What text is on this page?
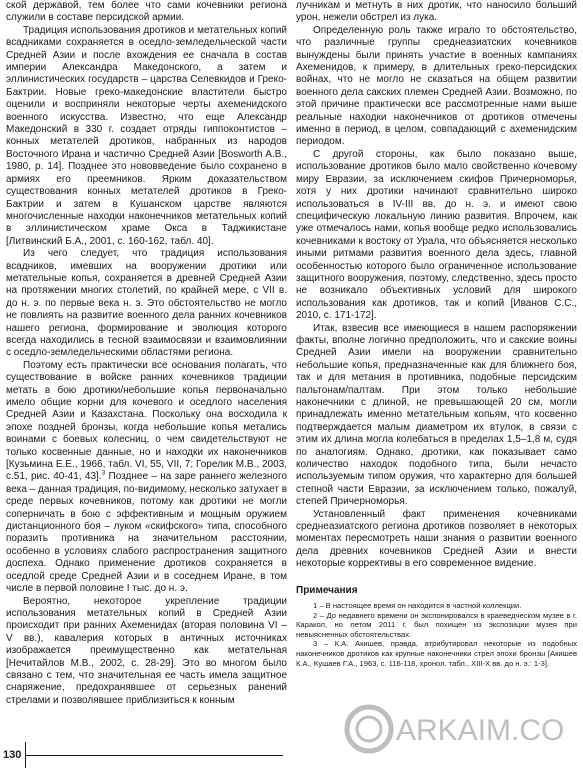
ской державой, тем более что сами кочевники региона служили в составе персидской армии.

Традиция использования дротиков и метательных копий всадниками сохраняется в оседло-земледельческой части Средней Азии и после вхождения ее сначала в состав империи Александра Македонского, а затем и эллинистических государств – царства Селевкидов и Греко-Бактрии. Новые греко-македонские властители быстро оценили и восприняли некоторые черты ахеменидского военного искусства. Известно, что еще Александр Македонский в 330 г. создает отряды гиппоконтистов – конных метателей дротиков, набранных из народов Восточного Ирана и частично Средней Азии [Bosworth A.B., 1980, p. 14]. Позднее это нововведение было сохранено в армиях его преемников. Ярким доказательством существования конных метателей дротиков в Греко-Бактрии и затем в Кушанском царстве являются многочисленные находки наконечников метательных копий в эллинистическом храме Окса в Таджикистане [Литвинский Б.А., 2001, с. 160-162, табл. 40].

Из чего следует, что традиция использования всадников, имевших на вооружении дротики или метательные копья, сохраняется в древней Средней Азии на протяжении многих столетий, по крайней мере, с VII в. до н. э. по первые века н. э. Это обстоятельство не могло не повлиять на развитие военного дела ранних кочевников нашего региона, формирование и эволюция которого всегда находились в тесной взаимосвязи и взаимовлиянии с оседло-земледельческими областями региона.

Поэтому есть практически все основания полагать, что существование в войске ранних кочевников традиции метать в бою дротики/небольшие копья первоначально имело общие корни для кочевого и оседлого населения Средней Азии и Казахстана. Поскольку она восходила к эпохе поздней бронзы, когда небольшие копья метались воинами с боевых колесниц, о чем свидетельствуют не только косвенные данные, но и находки их наконечников [Кузьмина Е.Е., 1966, табл. VI, 55, VII, 7; Горелик М.В., 2003, с.51, рис. 40-41, 43].$^3$ Позднее – на заре раннего железного века – данная традиция, по-видимому, несколько затухает в среде первых кочевников, потому как дротики не могли соперничать в бою с эффективным и мощным оружием дистанционного боя – луком «скифского» типа, способного поразить противника на значительном расстоянии, особенно в условиях слабого распространения защитного доспеха. Однако применение дротиков сохраняется в оседлой среде Средней Азии и в соседнем Иране, в том числе в первой половине I тыс. до н. э.

Вероятно, некоторое укрепление традиции использования метательных копий в Средней Азии происходит при ранних Ахеменидах (вторая половина VI – V вв.), кавалерия которых в античных источниках изображается преимущественно как метательная [Нечитайлов М.В., 2002, с. 28-29]. Это во многом было связано с тем, что значительная ее часть имела защитное снаряжение, предохранявшее от серьезных ранений стрелами и позволявшее приблизиться к конным

лучникам и метнуть в них дротик, что наносило больший урон, нежели обстрел из лука.

Определенную роль также играло то обстоятельство, что различные группы среднеазиатских кочевников вынуждены были принять участие в военных кампаниях Ахеменидов, к примеру, в длительных греко-персидских войнах, что не могло не сказаться на общем развитии военного дела сакских племен Средней Азии. Возможно, по этой причине практически все рассмотренные нами выше реальные находки наконечников от дротиков отмечены именно в период, в целом, совпадающий с ахеменидским периодом.

С другой стороны, как было показано выше, использование дротиков было мало свойственно кочевому миру Евразии, за исключением скифов Причерноморья, хотя у них дротики начинают сравнительно широко использоваться в IV-III вв. до н. э. и имеют свою специфическую локальную линию развития. Впрочем, как уже отмечалось нами, копья вообще редко использовались кочевниками к востоку от Урала, что объясняется несколько иными ритмами развития военного дела здесь, главной особенностью которого было ограниченное использование защитного вооружения, поэтому, следственно, здесь просто не возникало объективных условий для широкого использования как дротиков, так и копий [Иванов С.С., 2010, с. 171-172].

Итак, взвесив все имеющиеся в нашем распоряжении факты, вполне логично предположить, что и сакские воины Средней Азии имели на вооружении сравнительно небольшие копья, предназначенные как для ближнего боя, так и для метания в противника, подобные персидским пальтонам/палтам. При этом только небольшие наконечники с длиной, не превышающей 20 см, могли принадлежать именно метательным копьям, что косвенно подтверждается малым диаметром их втулок, в связи с этим их длина могла колебаться в пределах 1,5–1,8 м, судя по аналогиям. Однако, дротики, как показывает само количество находок подобного типа, были нечасто используемым типом оружия, что характерно для большей степной части Евразии, за исключением только, пожалуй, степей Причерноморья.

Установленный факт применения кочевниками среднеазиатского региона дротиков позволяет в некоторых моментах пересмотреть наши знания о развитии военного дела древних кочевников Средней Азии и внести некоторые коррективы в его современное видение.

Примечания

1 – В настоящее время он находится в частной коллекции.

2 – До недавнего времени он экспонировался в краеведческом музее в г. Каракол, но летом 2011 г. был похищен из экспозиции музея при невыясненных обстоятельствах.

3 – К.А. Акишев, правда, атрибутировал некоторые из подобных наконечников дротиков как крупные наконечники стрел эпохи бронзы [Акишев К.А., Кушаев Г.А., 1963, с. 116-118, хронол. табл., XIII-X вв. до н. э.: 1-3].

130
ARKAIM.CO
